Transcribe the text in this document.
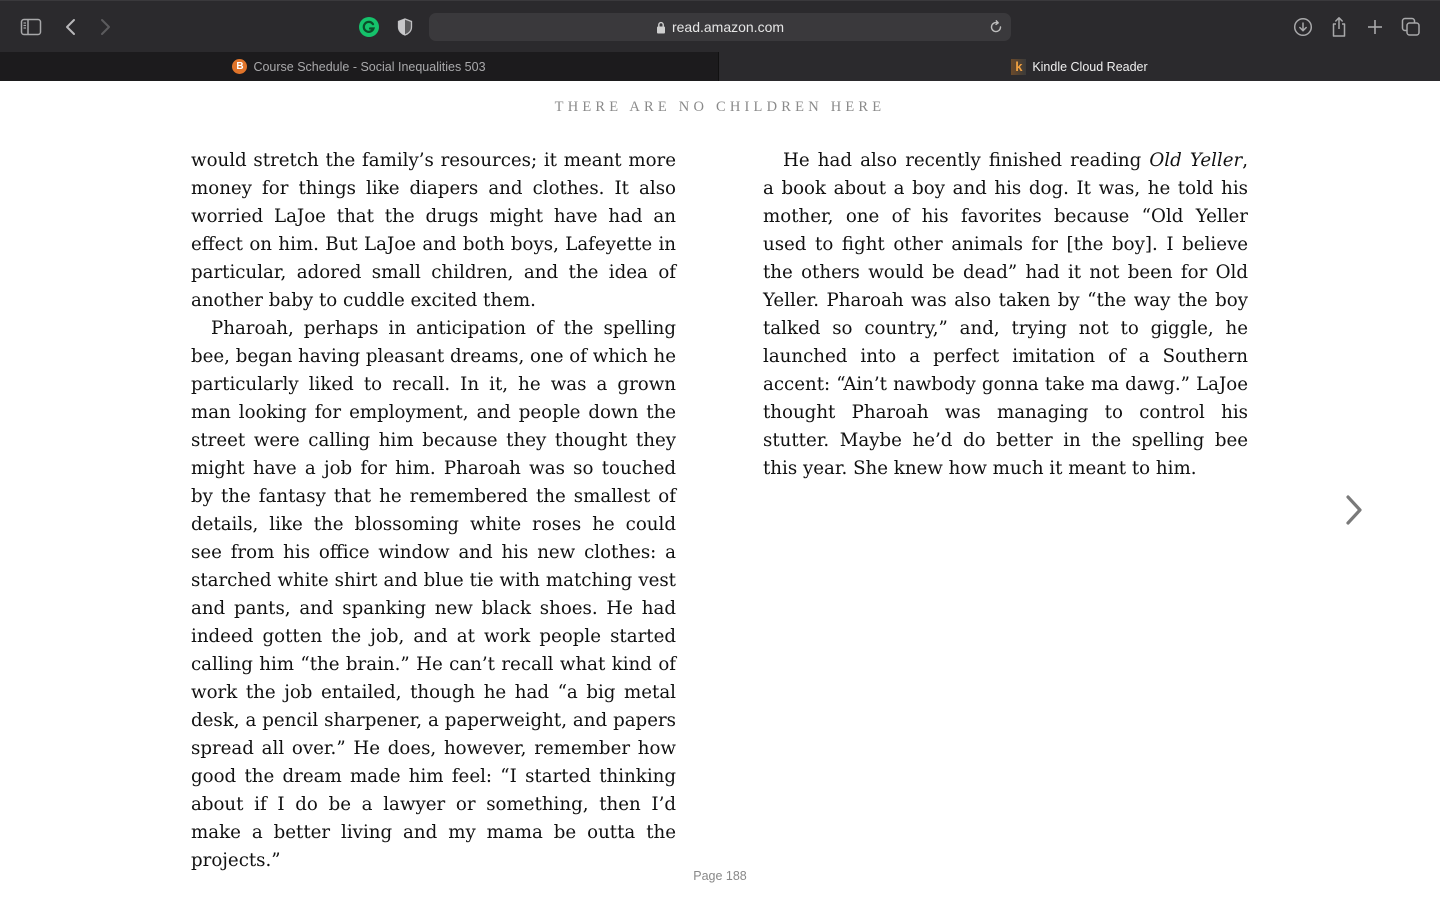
read.amazon.com
B Course Schedule - Social Inequalities 503	k Kindle Cloud Reader
THERE ARE NO CHILDREN HERE

would stretch the family’s resources; it meant more money for things like diapers and clothes. It also worried LaJoe that the drugs might have had an effect on him. But LaJoe and both boys, Lafeyette in particular, adored small children, and the idea of another baby to cuddle excited them.

Pharoah, perhaps in anticipation of the spelling bee, began having pleasant dreams, one of which he particularly liked to recall. In it, he was a grown man looking for employment, and people down the street were calling him because they thought they might have a job for him. Pharoah was so touched by the fantasy that he remembered the smallest of details, like the blossoming white roses he could see from his office window and his new clothes: a starched white shirt and blue tie with matching vest and pants, and spanking new black shoes. He had indeed gotten the job, and at work people started calling him “the brain.” He can’t recall what kind of work the job entailed, though he had “a big metal desk, a pencil sharpener, a paperweight, and papers spread all over.” He does, however, remember how good the dream made him feel: “I started thinking about if I do be a lawyer or something, then I’d make a better living and my mama be outta the projects.”

He had also recently finished reading Old Yeller, a book about a boy and his dog. It was, he told his mother, one of his favorites because “Old Yeller used to fight other animals for [the boy]. I believe the others would be dead” had it not been for Old Yeller. Pharoah was also taken by “the way the boy talked so country,” and, trying not to giggle, he launched into a perfect imitation of a Southern accent: “Ain’t nawbody gonna take ma dawg.” LaJoe thought Pharoah was managing to control his stutter. Maybe he’d do better in the spelling bee this year. She knew how much it meant to him.

Page 188
